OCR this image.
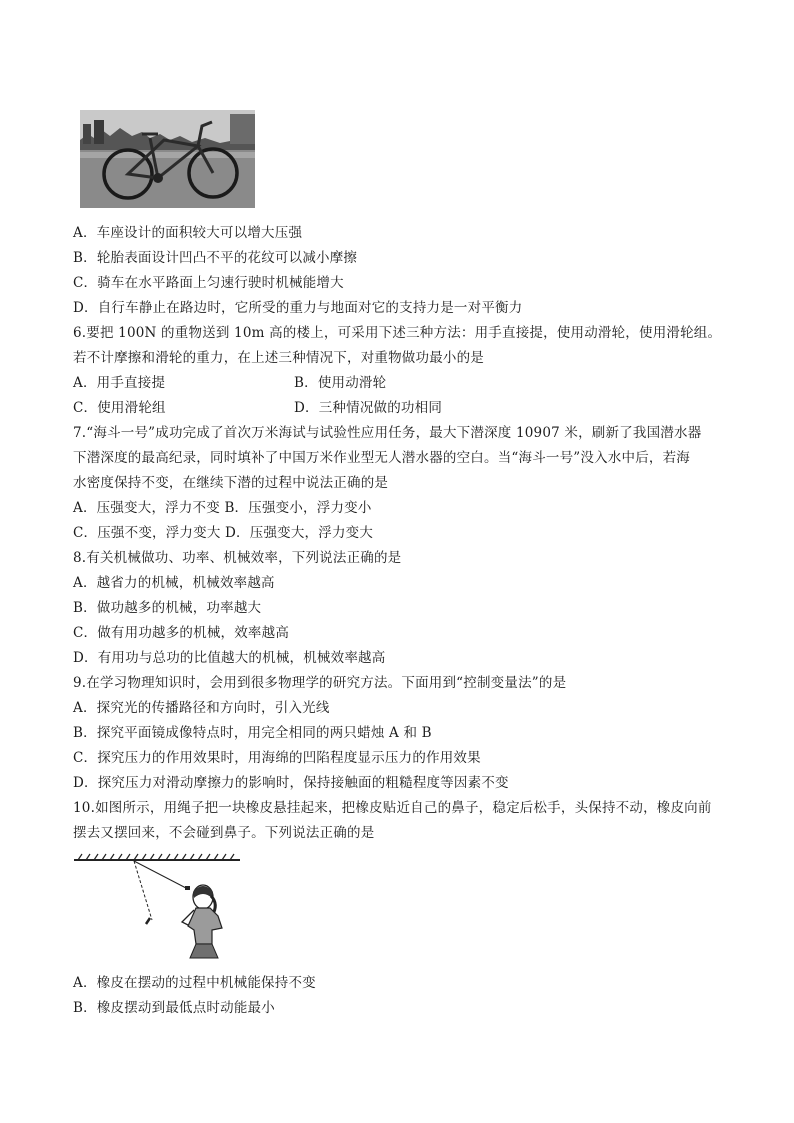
A．车座设计的面积较大可以增大压强
B．轮胎表面设计凹凸不平的花纹可以减小摩擦
C．骑车在水平路面上匀速行驶时机械能增大
D．自行车静止在路边时，它所受的重力与地面对它的支持力是一对平衡力
6.要把 100N 的重物送到 10m 高的楼上，可采用下述三种方法：用手直接提，使用动滑轮，使用滑轮组。
若不计摩擦和滑轮的重力，在上述三种情况下，对重物做功最小的是
A．用手直接提	B．使用动滑轮
C．使用滑轮组	D．三种情况做的功相同
7.“海斗一号”成功完成了首次万米海试与试验性应用任务，最大下潜深度 10907 米，刷新了我国潜水器
下潜深度的最高纪录，同时填补了中国万米作业型无人潜水器的空白。当“海斗一号”没入水中后，若海
水密度保持不变，在继续下潜的过程中说法正确的是
A．压强变大，浮力不变 B．压强变小，浮力变小
C．压强不变，浮力变大 D．压强变大，浮力变大
8.有关机械做功、功率、机械效率，下列说法正确的是
A．越省力的机械，机械效率越高
B．做功越多的机械，功率越大
C．做有用功越多的机械，效率越高
D．有用功与总功的比值越大的机械，机械效率越高
9.在学习物理知识时，会用到很多物理学的研究方法。下面用到“控制变量法”的是
A．探究光的传播路径和方向时，引入光线
B．探究平面镜成像特点时，用完全相同的两只蜡烛 A 和 B
C．探究压力的作用效果时，用海绵的凹陷程度显示压力的作用效果
D．探究压力对滑动摩擦力的影响时，保持接触面的粗糙程度等因素不变
10.如图所示，用绳子把一块橡皮悬挂起来，把橡皮贴近自己的鼻子，稳定后松手，头保持不动，橡皮向前
摆去又摆回来，不会碰到鼻子。下列说法正确的是
A．橡皮在摆动的过程中机械能保持不变
B．橡皮摆动到最低点时动能最小
